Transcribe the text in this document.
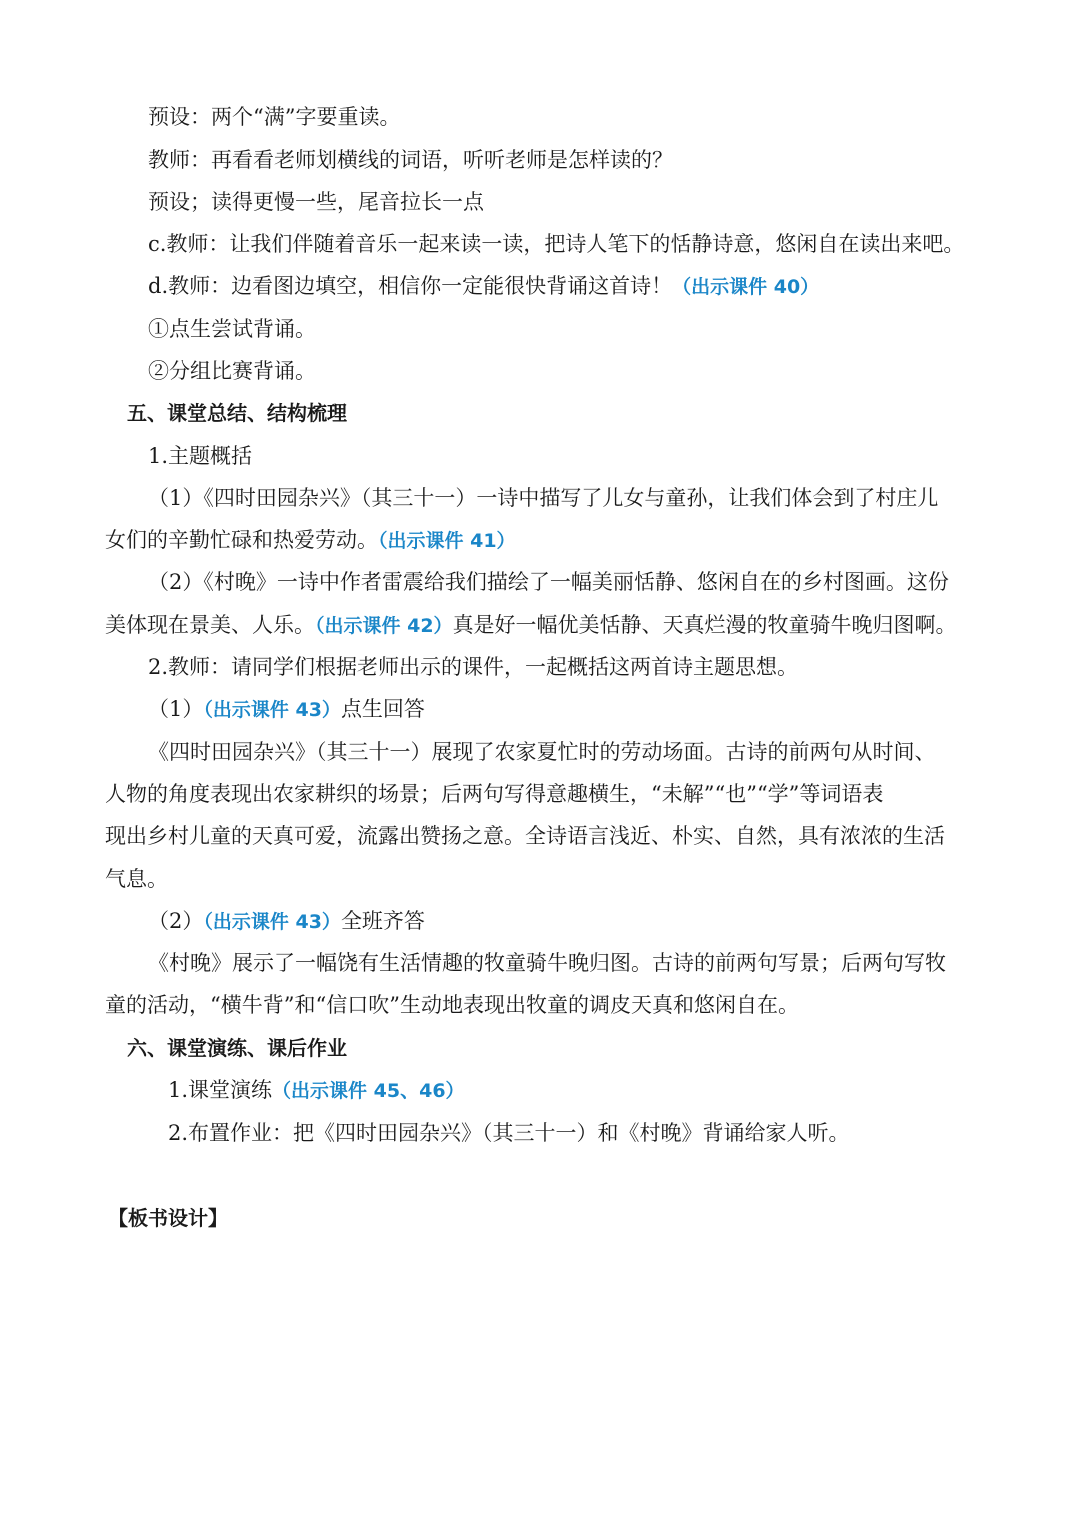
预设：两个“满”字要重读。
教师：再看看老师划横线的词语，听听老师是怎样读的？
预设；读得更慢一些，尾音拉长一点
c.教师：让我们伴随着音乐一起来读一读，把诗人笔下的恬静诗意，悠闲自在读出来吧。
d.教师：边看图边填空，相信你一定能很快背诵这首诗！（出示课件 40）
①点生尝试背诵。
②分组比赛背诵。
五、课堂总结、结构梳理
1.主题概括
（1）《四时田园杂兴》（其三十一）一诗中描写了儿女与童孙，让我们体会到了村庄儿
女们的辛勤忙碌和热爱劳动。（出示课件 41）
（2）《村晚》一诗中作者雷震给我们描绘了一幅美丽恬静、悠闲自在的乡村图画。这份
美体现在景美、人乐。（出示课件 42）真是好一幅优美恬静、天真烂漫的牧童骑牛晚归图啊。
2.教师：请同学们根据老师出示的课件，一起概括这两首诗主题思想。
（1）（出示课件 43）点生回答
《四时田园杂兴》（其三十一）展现了农家夏忙时的劳动场面。古诗的前两句从时间、
人物的角度表现出农家耕织的场景；后两句写得意趣横生，“未解”“也”“学”等词语表
现出乡村儿童的天真可爱，流露出赞扬之意。全诗语言浅近、朴实、自然，具有浓浓的生活
气息。
（2）（出示课件 43）全班齐答
《村晚》展示了一幅饶有生活情趣的牧童骑牛晚归图。古诗的前两句写景；后两句写牧
童的活动，“横牛背”和“信口吹”生动地表现出牧童的调皮天真和悠闲自在。
六、课堂演练、课后作业
1.课堂演练（出示课件 45、46）
2.布置作业：把《四时田园杂兴》（其三十一）和《村晚》背诵给家人听。
【板书设计】
